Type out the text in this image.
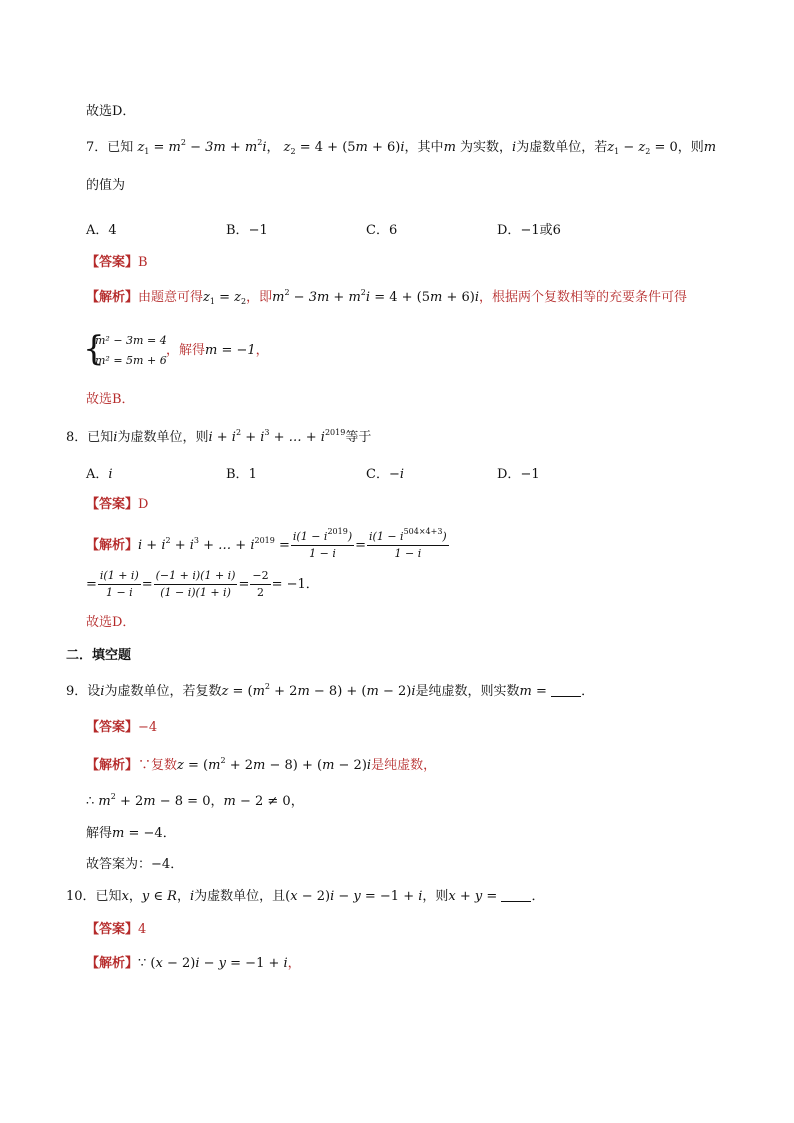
故选D．
7．已知 $z_1 = m^2 - 3m + m^2i$， $z_2 = 4 + (5m + 6)i$，其中m 为实数，i为虚数单位，若$z_1 - z_2 = 0$，则m
的值为
A．4	B．−1	C．6	D．−1或6
【答案】B
【解析】由题意可得$z_1 = z_2$，即$m^2 - 3m + m^2i = 4 + (5m + 6)i$，根据两个复数相等的充要条件可得
{
m² − 3m = 4
m² = 5m + 6
，解得m = −1，
故选B．
8．已知i为虚数单位，则$i + i^2 + i^3$ + … + $i^{2019}$等于
A．i	B．1	C．−i	D．−1
【答案】D
【解析】$i + i^2 + i^3$ + … + $i^{2019} = \frac{i(1 - i^{2019})}{1 - i} = \frac{i(1 - i^{504\times 4+3})}{1 - i}$
= $\frac{i(1 + i)}{1 - i} = \frac{(-1 + i)(1 + i)}{(1 - i)(1 + i)} = \frac{-2}{2} = -1$．
故选D．
二．填空题
9．设i为虚数单位，若复数$z = (m^2 + 2m - 8) + (m - 2)i$是纯虚数，则实数m =	．
【答案】−4
【解析】∵复数$z = (m^2 + 2m - 8) + (m - 2)i$是纯虚数，
∴ $m^2 + 2m - 8 = 0$，m − 2 ≠ 0，
解得m = −4．
故答案为：−4．
10．已知x，y ∈ R，i为虚数单位，且(x − 2)i − y = −1 + i，则x + y =	．
【答案】4
【解析】∵ (x − 2)i − y = −1 + i，
